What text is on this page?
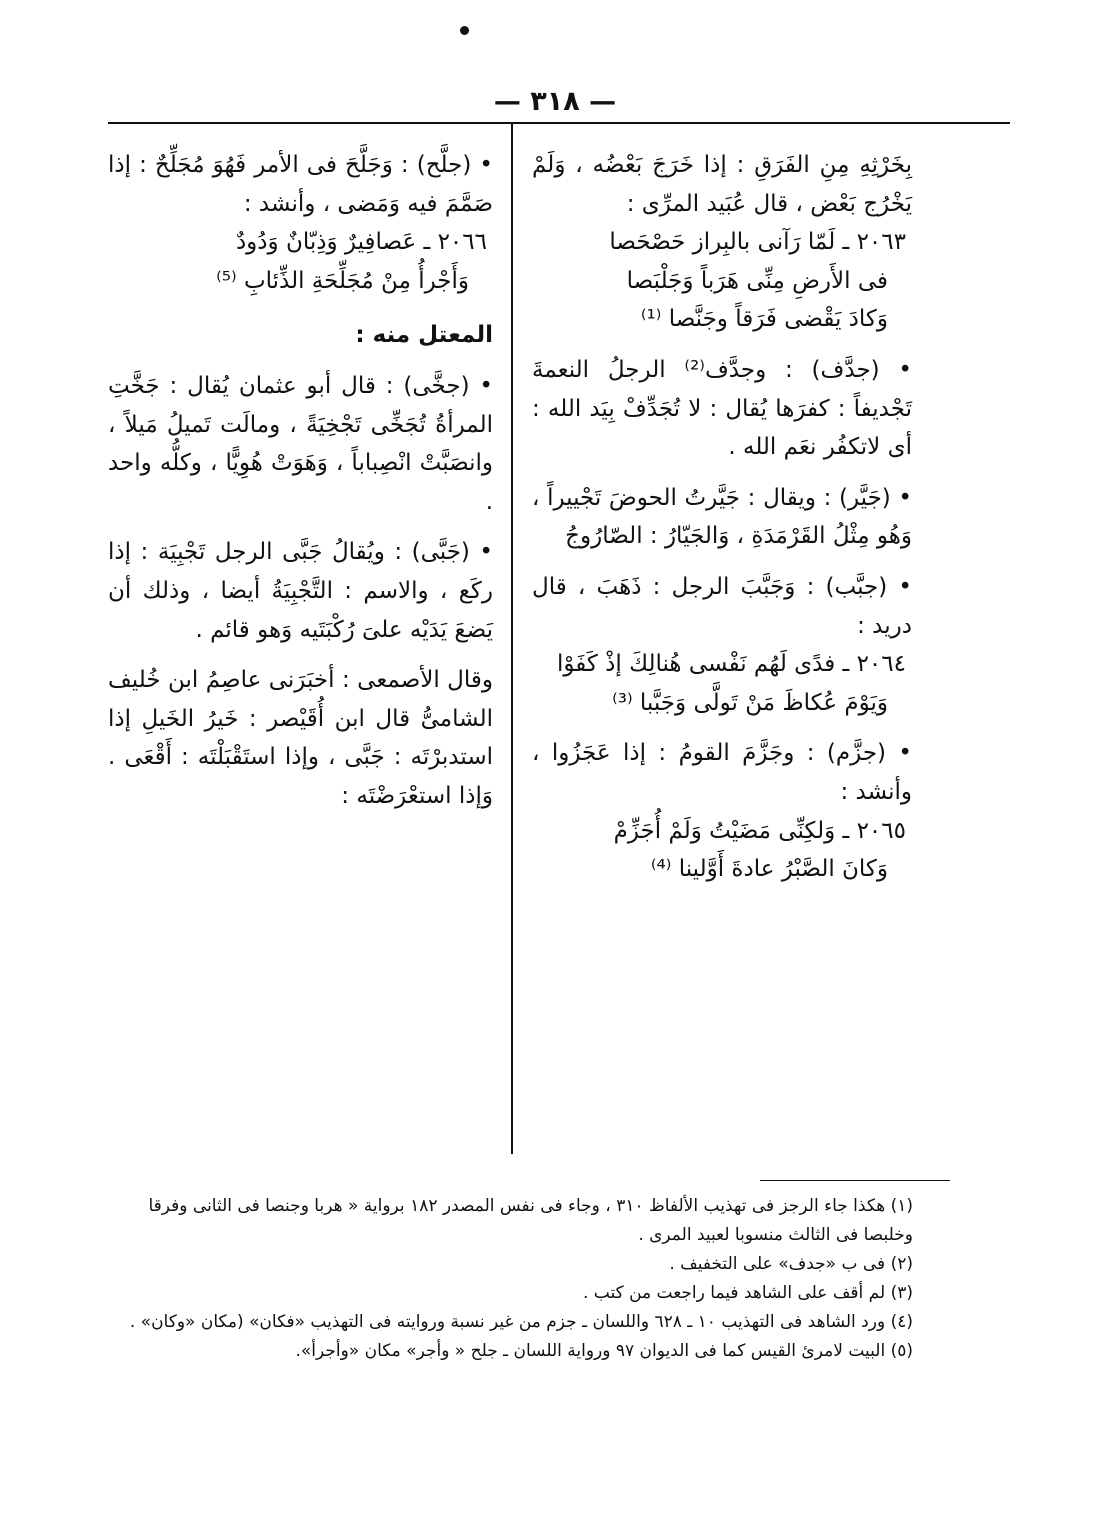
— ٣١٨ —

بِخَرْثِهِ مِنِ الفَرَقِ : إذا خَرَجَ بَعْضُه ، وَلَمْ يَخْرُج بَعْض ، قال عُبَيد المرِّى :

٢٠٦٣ ـ لَمّا رَآنى بالبِراز حَصْحَصا
فى الأَرضِ مِنِّى هَرَباً وَجَلْبَصا
وَكادَ يَقْضى فَرَقاً وجَنَّصا ⁽¹⁾

• (جدَّف) : وجدَّف⁽²⁾ الرجلُ النعمةَ تَجْديفاً : كفرَها يُقال : لا تُجَدِّفْ بِيَد الله : أى لاتكفُر نعَم الله .

• (جَيَّر) : ويقال : جَيَّرتُ الحوضَ تَجْييراً ، وَهُو مِثْلُ القَرْمَدَةِ ، وَالجَيّارُ : الصّارُوجُ

• (جبَّب) : وَجَبَّبَ الرجل : ذَهَبَ ، قال دريد :

٢٠٦٤ ـ فدًى لَهُم نَفْسى هُنالِكَ إذْ كَفَوْا
وَيَوْمَ عُكاظَ مَنْ تَولَّى وَجَبَّبا ⁽³⁾

• (جزَّم) : وجَزَّمَ القومُ : إذا عَجَزُوا ، وأنشد :

٢٠٦٥ ـ وَلكِنِّى مَضَيْتُ وَلَمْ أُجَزِّمْ
وَكانَ الصَّبْرُ عادةَ أَوَّلينا ⁽⁴⁾

• (جلَّح) : وَجَلَّحَ فى الأمر فَهُوَ مُجَلِّحٌ : إذا صَمَّمَ فيه وَمَضى ، وأنشد :

٢٠٦٦ ـ عَصافِيرٌ وَذِبّانٌ وَدُودٌ
وَأَجْرأُ مِنْ مُجَلِّحَةِ الذِّئابِ ⁽⁵⁾

المعتل منه :

• (جخَّى) : قال أبو عثمان يُقال : جَخَّتِ المرأةُ تُجَخِّى تَجْخِيَةً ، ومالَت تَميلُ مَيلاً ، وانصَبَّتْ انْصِباباً ، وَهَوَتْ هُوِيًّا ، وكلُّه واحد .

• (جَبَّى) : ويُقالُ جَبَّى الرجل تَجْبِيَة : إذا ركَع ، والاسم : التَّجْبِيَةُ أيضا ، وذلك أن يَضعَ يَدَيْه علىَ رُكْبَتَيه وَهو قائم .

وقال الأصمعى : أخبَرَنى عاصِمُ ابن خُليف الشامىُّ قال ابن أُقَيْصر : خَيرُ الخَيلِ إذا استدبرْتَه : جَبَّى ، وإذا استَقْبَلْتَه : أَقْعَى . وَإذا استعْرَضْتَه :

(١) هكذا جاء الرجز فى تهذيب الألفاظ ٣١٠ ، وجاء فى نفس المصدر ١٨٢ برواية « هربا وجنصا فى الثانى وفرقا وخلبصا فى الثالث منسوبا لعبيد المرى .

(٢) فى ب «جدف» على التخفيف .

(٣) لم أقف على الشاهد فيما راجعت من كتب .

(٤) ورد الشاهد فى التهذيب ١٠ ـ ٦٢٨ واللسان ـ جزم من غير نسبة وروايته فى التهذيب «فكان» (مكان «وكان» .

(٥) البيت لامرئ القيس كما فى الديوان ٩٧ ورواية اللسان ـ جلح « وأجر» مكان «وأجرأ».
